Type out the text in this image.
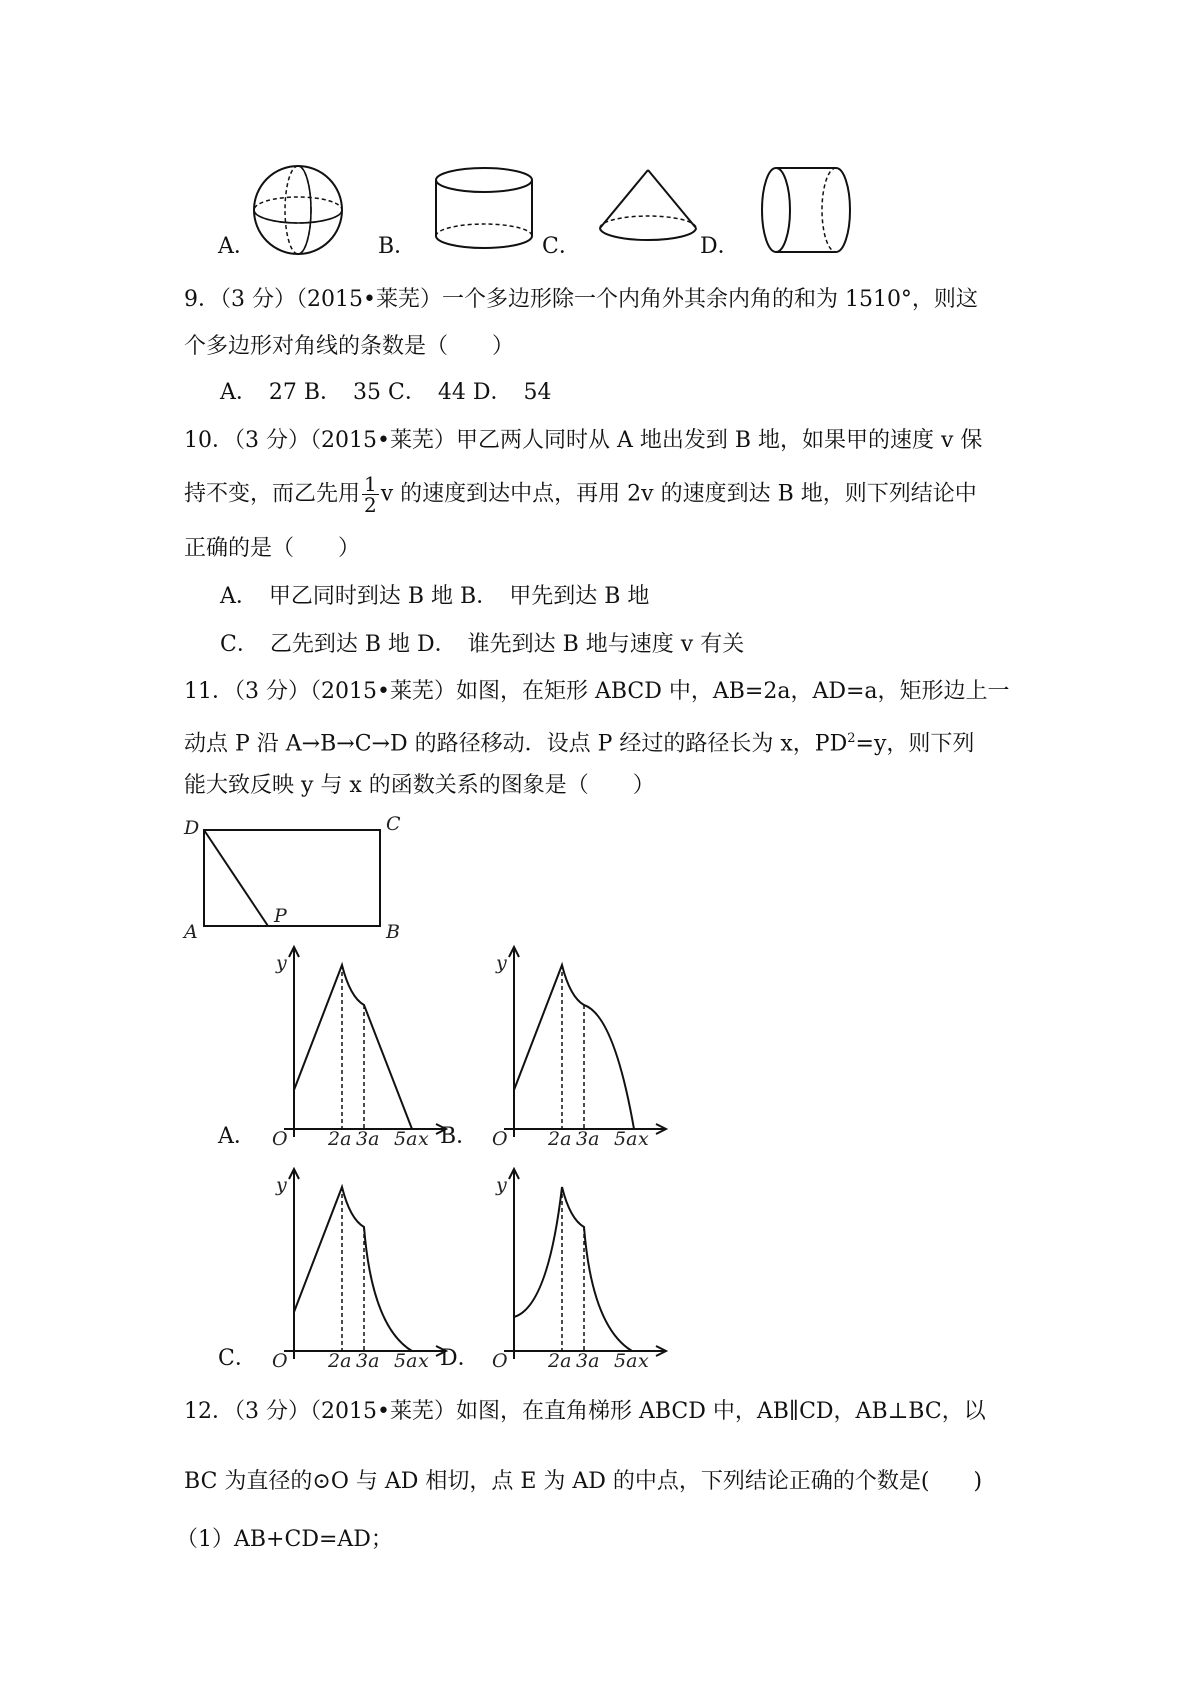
A．	B．	C．	D．
9．（3 分）（2015•莱芜）一个多边形除一个内角外其余内角的和为 1510°，则这
个多边形对角线的条数是（　　）
A．　27 B．　35 C．　44 D．　54
10．（3 分）（2015•莱芜）甲乙两人同时从 A 地出发到 B 地，如果甲的速度 v 保
持不变，而乙先用 $\frac{1}{2}$ v 的速度到达中点，再用 2v 的速度到达 B 地，则下列结论中
正确的是（　　）
A．　甲乙同时到达 B 地 B．　甲先到达 B 地
C．　乙先到达 B 地 D．　谁先到达 B 地与速度 v 有关
11．（3 分）（2015•莱芜）如图，在矩形 ABCD 中，AB=2a，AD=a，矩形边上一
动点 P 沿 A→B→C→D 的路径移动．设点 P 经过的路径长为 x，$PD^2=y$，则下列
能大致反映 y 与 x 的函数关系的图象是（　　）
D	C
A	B
P
A．	B．
C．	D．
y
O 2a 3a 5a x
y
O 2a 3a 5a x
y
O 2a 3a 5a x
y
O 2a 3a 5a x
12．（3 分）（2015•莱芜）如图，在直角梯形 ABCD 中，AB∥CD，AB⊥BC，以
BC 为直径的⊙O 与 AD 相切，点 E 为 AD 的中点，下列结论正确的个数是(　　)
（1）AB+CD=AD；
